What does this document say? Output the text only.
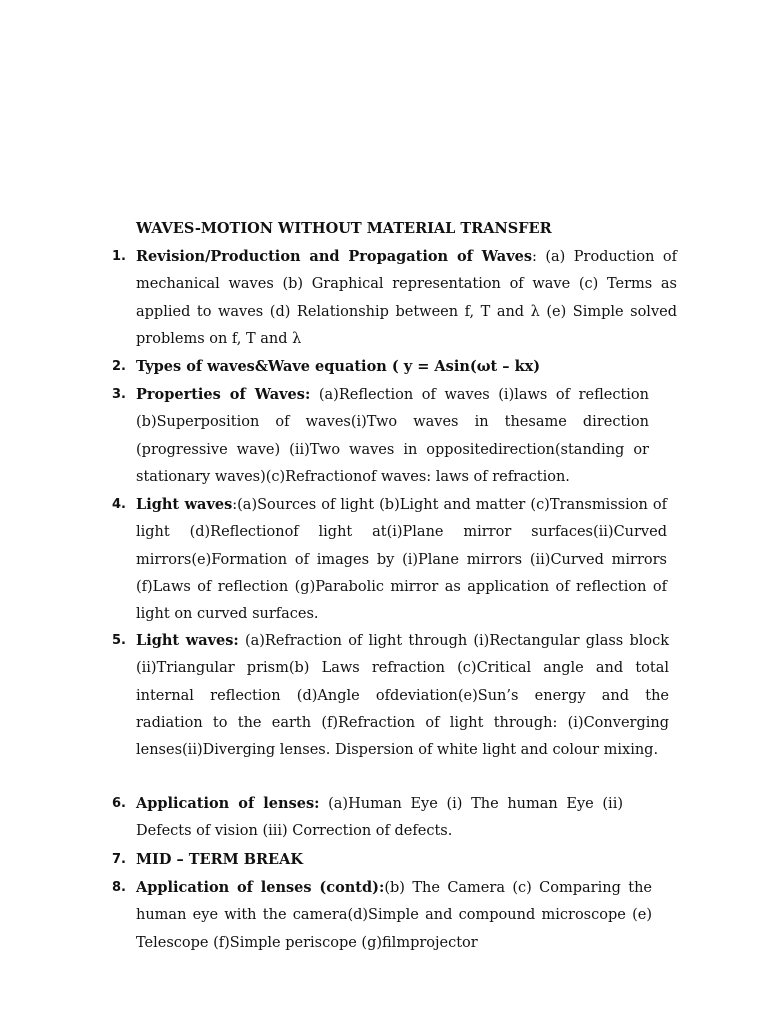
WAVES-MOTION WITHOUT MATERIAL TRANSFER
1. Revision/Production and Propagation of Waves: (a) Production of mechanical waves (b) Graphical representation of wave (c) Terms as applied to waves (d) Relationship between f, T and λ (e) Simple solved problems on f, T and λ
2. Types of waves&Wave equation ( y = Asin(ωt – kx)
3. Properties of Waves: (a)Reflection of waves (i)laws of reflection (b)Superposition of waves(i)Two waves in thesame direction (progressive wave) (ii)Two waves in oppositedirection(standing or stationary waves)(c)Refractionof waves: laws of refraction.
4. Light waves:(a)Sources of light (b)Light and matter (c)Transmission of light (d)Reflectionof light at(i)Plane mirror surfaces(ii)Curved mirrors(e)Formation of images by (i)Plane mirrors (ii)Curved mirrors (f)Laws of reflection (g)Parabolic mirror as application of reflection of light on curved surfaces.
5. Light waves: (a)Refraction of light through (i)Rectangular glass block (ii)Triangular prism(b) Laws refraction (c)Critical angle and total internal reflection (d)Angle ofdeviation(e)Sun’s energy and the radiation to the earth (f)Refraction of light through: (i)Converging lenses(ii)Diverging lenses. Dispersion of white light and colour mixing.
6. Application of lenses: (a)Human Eye (i) The human Eye (ii) Defects of vision (iii) Correction of defects.
7. MID – TERM BREAK
8. Application of lenses (contd):(b) The Camera (c) Comparing the human eye with the camera(d)Simple and compound microscope (e) Telescope (f)Simple periscope (g)filmprojector
